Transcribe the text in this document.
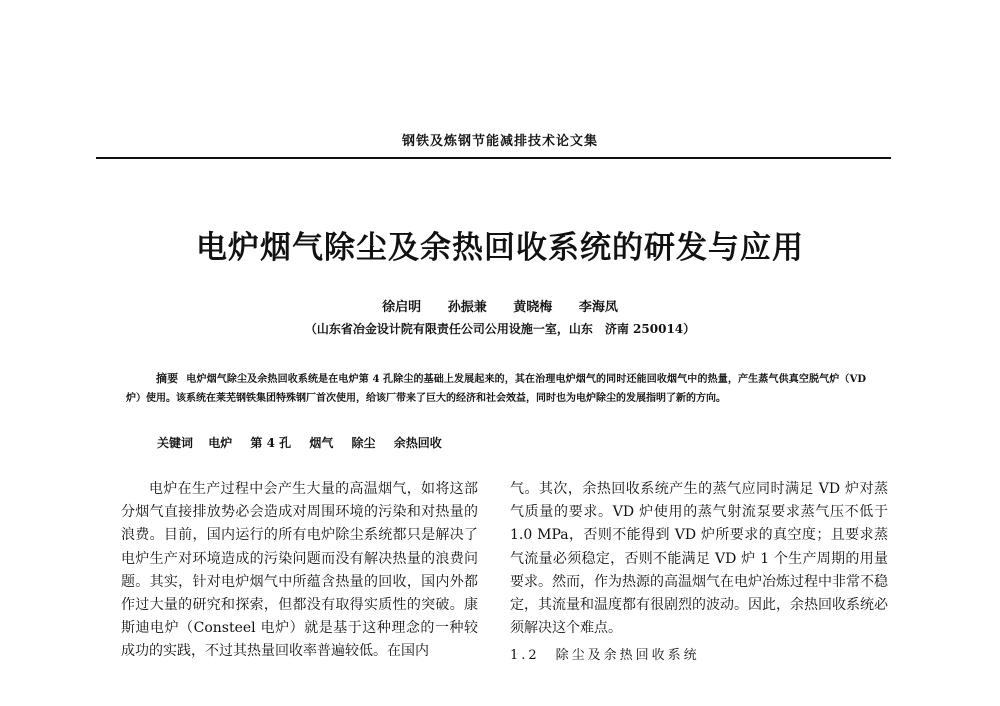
钢铁及炼钢节能减排技术论文集
电炉烟气除尘及余热回收系统的研发与应用
徐启明 孙振兼 黄晓梅 李海凤
（山东省冶金设计院有限责任公司公用设施一室，山东　济南 250014）
摘要 电炉烟气除尘及余热回收系统是在电炉第 4 孔除尘的基础上发展起来的，其在治理电炉烟气的同时还能回收烟气中的热量，产生蒸气供真空脱气炉（VD 炉）使用。该系统在莱芜钢铁集团特殊钢厂首次使用，给该厂带来了巨大的经济和社会效益，同时也为电炉除尘的发展指明了新的方向。
关键词 电炉 第 4 孔 烟气 除尘 余热回收

电炉在生产过程中会产生大量的高温烟气，如将这部分烟气直接排放势必会造成对周围环境的污染和对热量的浪费。目前，国内运行的所有电炉除尘系统都只是解决了电炉生产对环境造成的污染问题而没有解决热量的浪费问题。其实，针对电炉烟气中所蕴含热量的回收，国内外都作过大量的研究和探索，但都没有取得实质性的突破。康斯迪电炉（Consteel 电炉）就是基于这种理念的一种较成功的实践，不过其热量回收率普遍较低。在国内

气。其次，余热回收系统产生的蒸气应同时满足 VD 炉对蒸气质量的要求。VD 炉使用的蒸气射流泵要求蒸气压不低于 1.0 MPa，否则不能得到 VD 炉所要求的真空度；且要求蒸气流量必须稳定，否则不能满足 VD 炉 1 个生产周期的用量要求。然而，作为热源的高温烟气在电炉冶炼过程中非常不稳定，其流量和温度都有很剧烈的波动。因此，余热回收系统必须解决这个难点。

1.2　除尘及余热回收系统
